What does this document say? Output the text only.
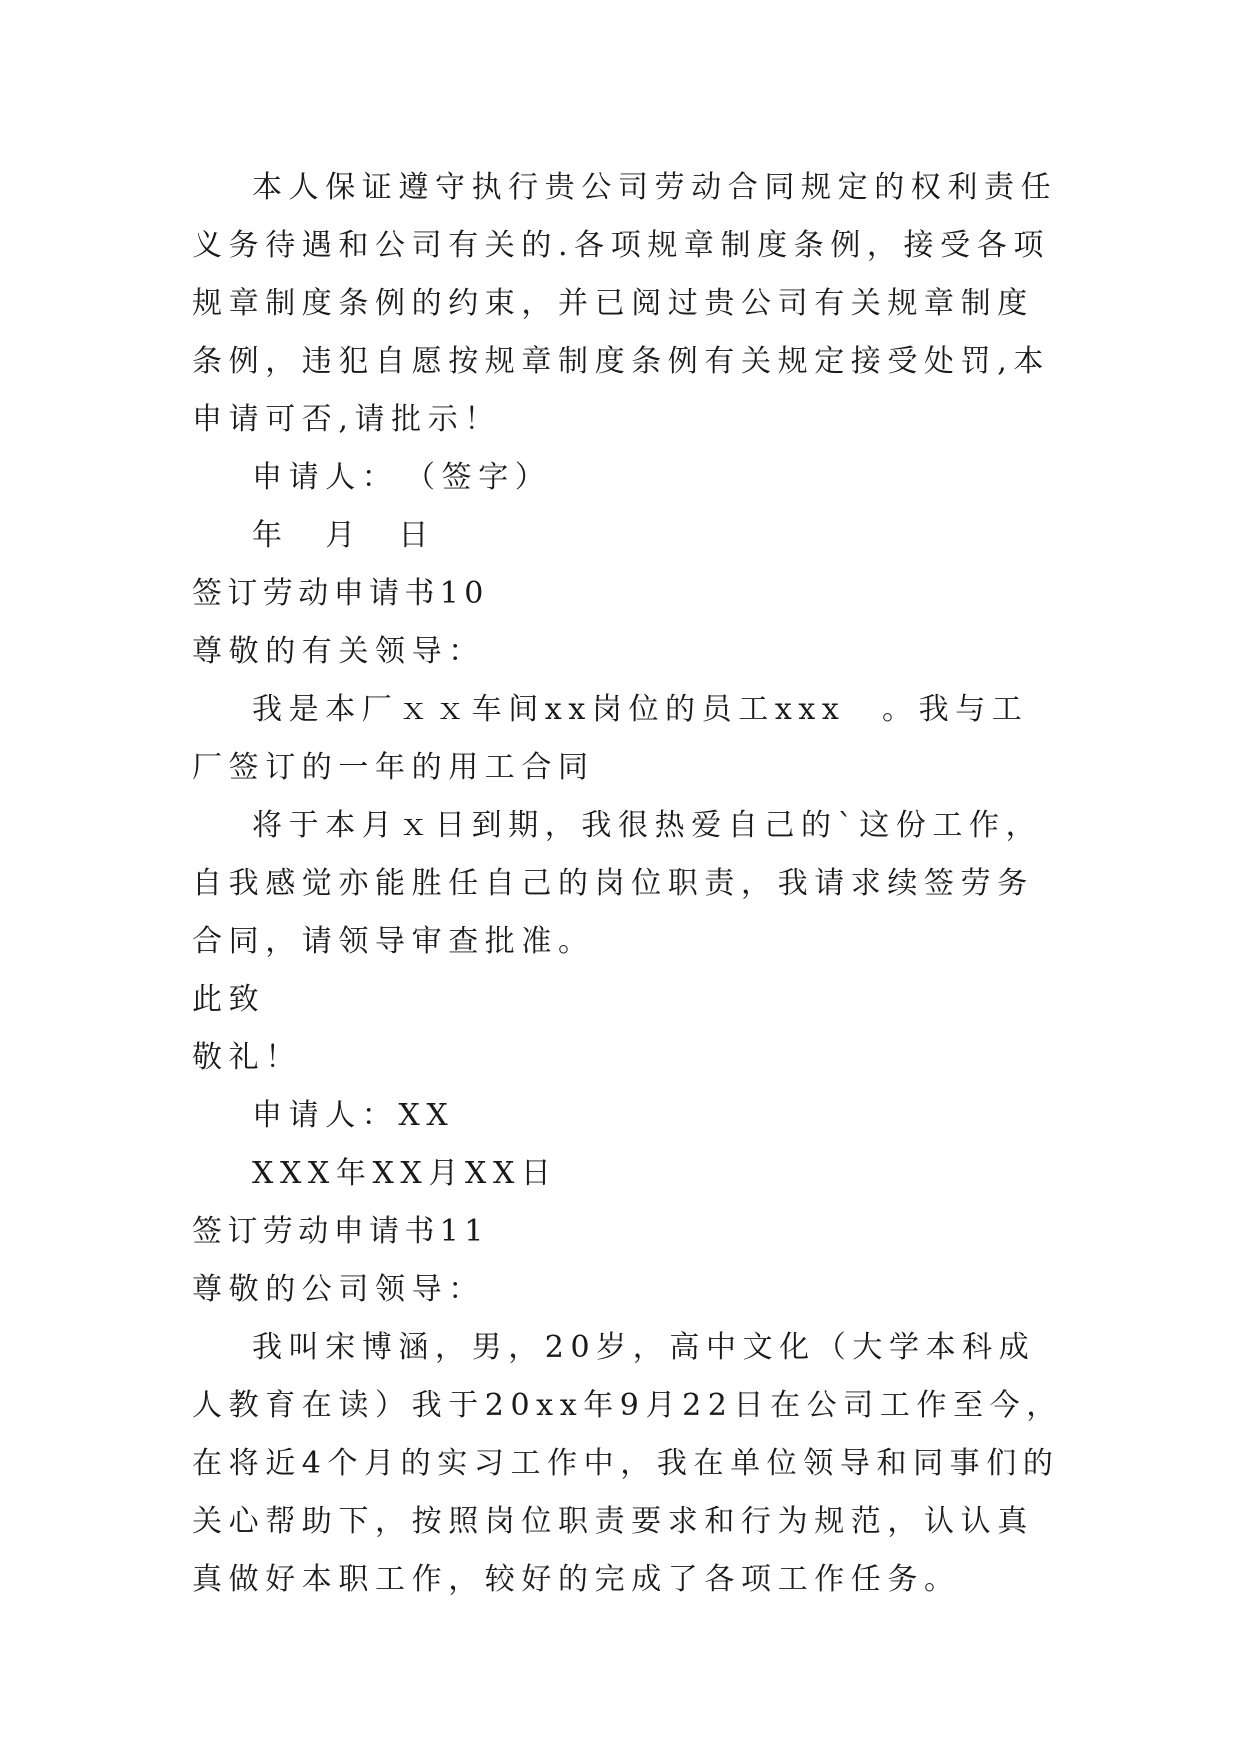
本人保证遵守执行贵公司劳动合同规定的权利责任义务待遇和公司有关的.各项规章制度条例，接受各项规章制度条例的约束，并已阅过贵公司有关规章制度条例，违犯自愿按规章制度条例有关规定接受处罚,本申请可否,请批示！

申请人：　（签字）

年　月　日

签订劳动申请书10

尊敬的有关领导：

我是本厂ｘｘ车间xx岗位的员工xxx　。我与工厂签订的一年的用工合同

将于本月ｘ日到期，我很热爱自己的`这份工作，自我感觉亦能胜任自己的岗位职责，我请求续签劳务合同，请领导审查批准。

此致

敬礼！

申请人：XX

XXX年XX月XX日

签订劳动申请书11

尊敬的公司领导：

我叫宋博涵，男，20岁，高中文化（大学本科成人教育在读）我于20xx年9月22日在公司工作至今，在将近4个月的实习工作中，我在单位领导和同事们的关心帮助下，按照岗位职责要求和行为规范，认认真真做好本职工作，较好的完成了各项工作任务。
